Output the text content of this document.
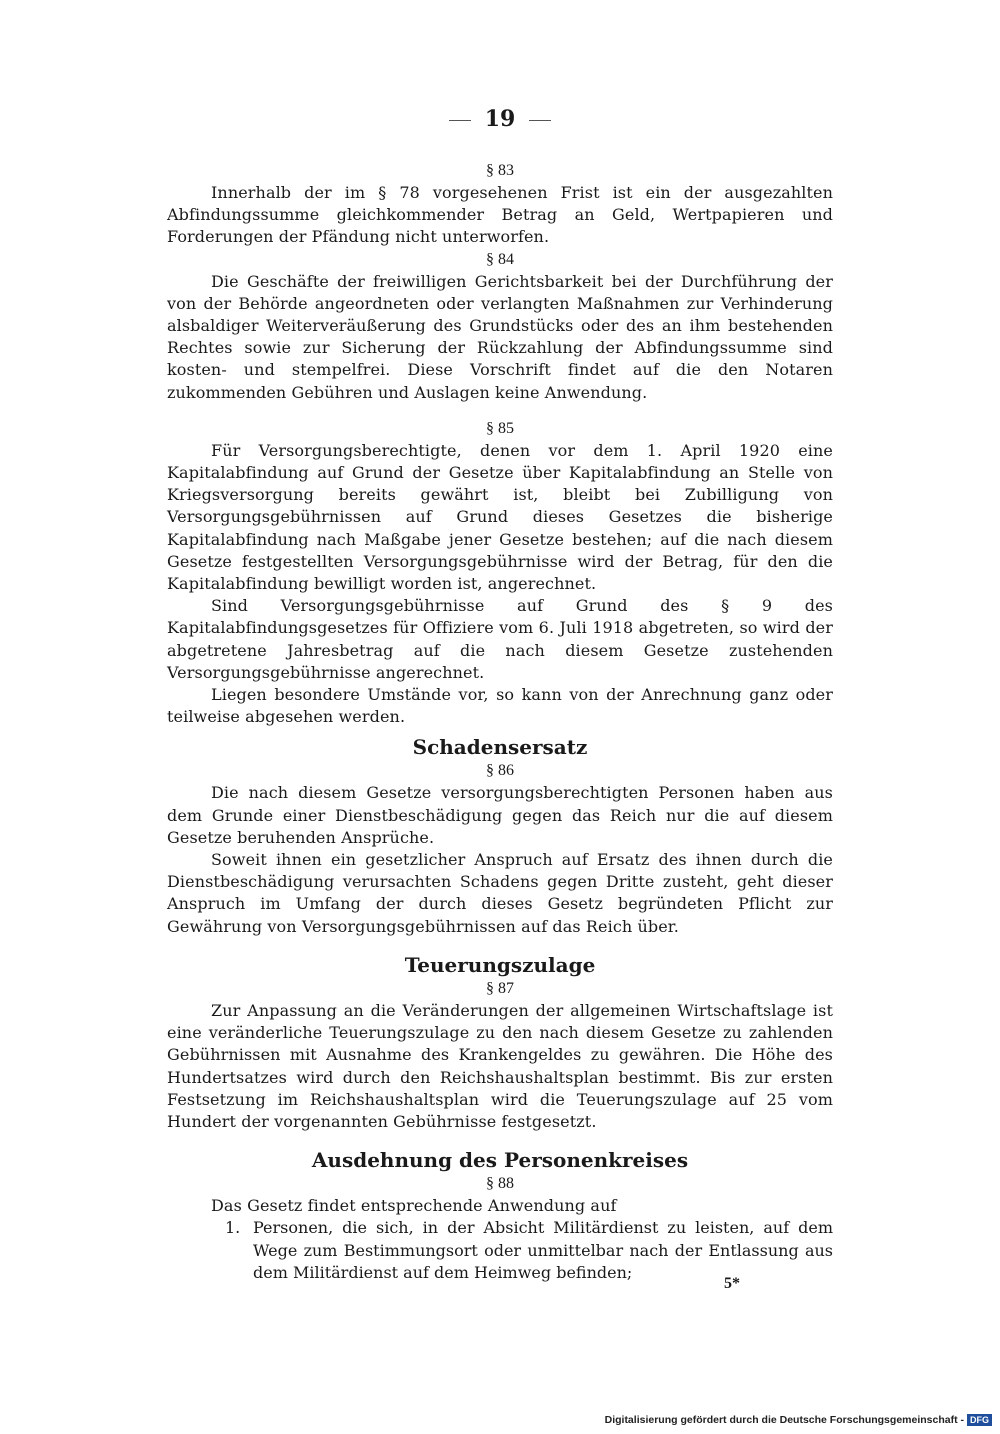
19
§ 83

Innerhalb der im § 78 vorgesehenen Frist ist ein der ausgezahlten Abfindungssumme gleichkommender Betrag an Geld, Wertpapieren und Forderungen der Pfändung nicht unterworfen.

§ 84

Die Geschäfte der freiwilligen Gerichtsbarkeit bei der Durchführung der von der Behörde angeordneten oder verlangten Maßnahmen zur Verhinderung alsbaldiger Weiterveräußerung des Grundstücks oder des an ihm bestehenden Rechtes sowie zur Sicherung der Rückzahlung der Abfindungssumme sind kosten- und stempelfrei. Diese Vorschrift findet auf die den Notaren zukommenden Gebühren und Auslagen keine Anwendung.

§ 85

Für Versorgungsberechtigte, denen vor dem 1. April 1920 eine Kapitalabfindung auf Grund der Gesetze über Kapitalabfindung an Stelle von Kriegsversorgung bereits gewährt ist, bleibt bei Zubilligung von Versorgungsgebührnissen auf Grund dieses Gesetzes die bisherige Kapitalabfindung nach Maßgabe jener Gesetze bestehen; auf die nach diesem Gesetze festgestellten Versorgungsgebührnisse wird der Betrag, für den die Kapitalabfindung bewilligt worden ist, angerechnet.

Sind Versorgungsgebührnisse auf Grund des § 9 des Kapitalabfindungsgesetzes für Offiziere vom 6. Juli 1918 abgetreten, so wird der abgetretene Jahresbetrag auf die nach diesem Gesetze zustehenden Versorgungsgebührnisse angerechnet.

Liegen besondere Umstände vor, so kann von der Anrechnung ganz oder teilweise abgesehen werden.

Schadensersatz
§ 86

Die nach diesem Gesetze versorgungsberechtigten Personen haben aus dem Grunde einer Dienstbeschädigung gegen das Reich nur die auf diesem Gesetze beruhenden Ansprüche.

Soweit ihnen ein gesetzlicher Anspruch auf Ersatz des ihnen durch die Dienstbeschädigung verursachten Schadens gegen Dritte zusteht, geht dieser Anspruch im Umfang der durch dieses Gesetz begründeten Pflicht zur Gewährung von Versorgungsgebührnissen auf das Reich über.

Teuerungszulage
§ 87

Zur Anpassung an die Veränderungen der allgemeinen Wirtschaftslage ist eine veränderliche Teuerungszulage zu den nach diesem Gesetze zu zahlenden Gebührnissen mit Ausnahme des Krankengeldes zu gewähren. Die Höhe des Hundertsatzes wird durch den Reichshaushaltsplan bestimmt. Bis zur ersten Festsetzung im Reichshaushaltsplan wird die Teuerungszulage auf 25 vom Hundert der vorgenannten Gebührnisse festgesetzt.

Ausdehnung des Personenkreises
§ 88

Das Gesetz findet entsprechende Anwendung auf

1. Personen, die sich, in der Absicht Militärdienst zu leisten, auf dem Wege zum Bestimmungsort oder unmittelbar nach der Entlassung aus dem Militärdienst auf dem Heimweg befinden;
5*
Digitalisierung gefördert durch die Deutsche Forschungsgemeinschaft - DFG
